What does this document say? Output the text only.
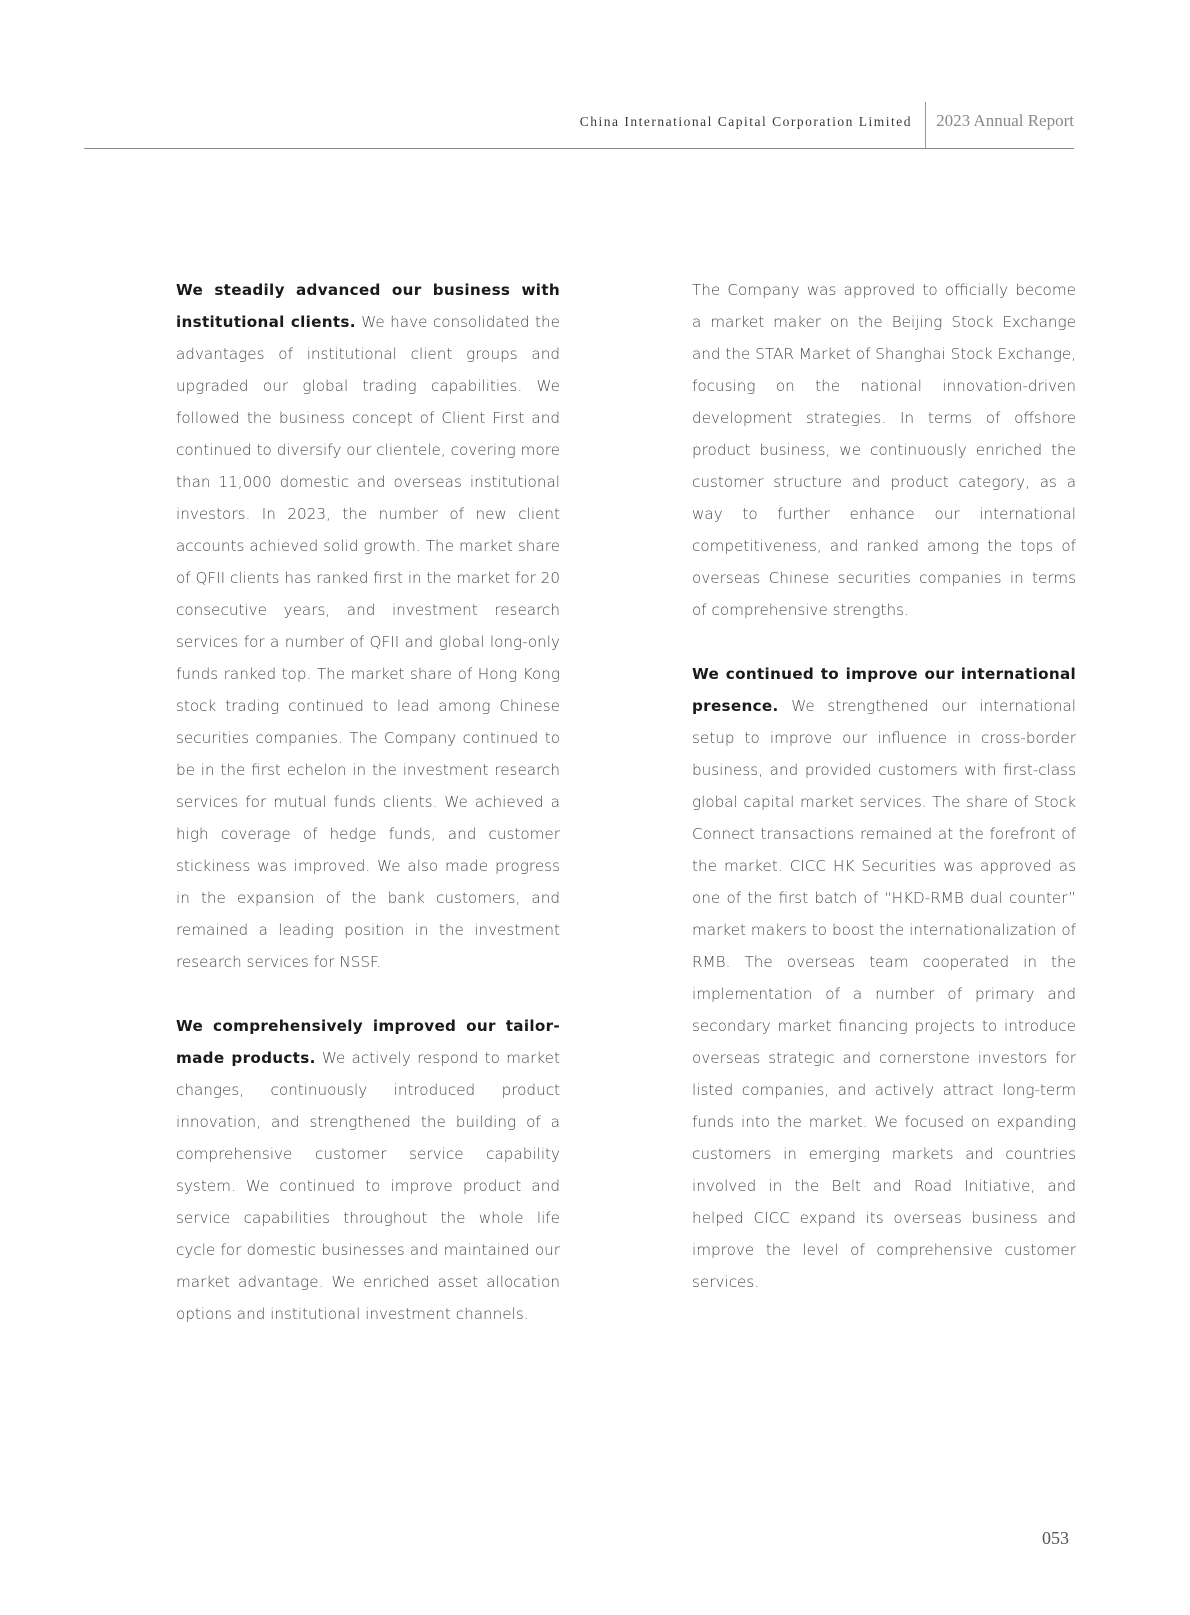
China International Capital Corporation Limited 2023 Annual Report

We steadily advanced our business with institutional clients. We have consolidated the advantages of institutional client groups and upgraded our global trading capabilities. We followed the business concept of Client First and continued to diversify our clientele, covering more than 11,000 domestic and overseas institutional investors. In 2023, the number of new client accounts achieved solid growth. The market share of QFII clients has ranked first in the market for 20 consecutive years, and investment research services for a number of QFII and global long-only funds ranked top. The market share of Hong Kong stock trading continued to lead among Chinese securities companies. The Company continued to be in the first echelon in the investment research services for mutual funds clients. We achieved a high coverage of hedge funds, and customer stickiness was improved. We also made progress in the expansion of the bank customers, and remained a leading position in the investment research services for NSSF.

We comprehensively improved our tailor-made products. We actively respond to market changes, continuously introduced product innovation, and strengthened the building of a comprehensive customer service capability system. We continued to improve product and service capabilities throughout the whole life cycle for domestic businesses and maintained our market advantage. We enriched asset allocation options and institutional investment channels.

The Company was approved to officially become a market maker on the Beijing Stock Exchange and the STAR Market of Shanghai Stock Exchange, focusing on the national innovation-driven development strategies. In terms of offshore product business, we continuously enriched the customer structure and product category, as a way to further enhance our international competitiveness, and ranked among the tops of overseas Chinese securities companies in terms of comprehensive strengths.

We continued to improve our international presence. We strengthened our international setup to improve our influence in cross-border business, and provided customers with first-class global capital market services. The share of Stock Connect transactions remained at the forefront of the market. CICC HK Securities was approved as one of the first batch of “HKD-RMB dual counter” market makers to boost the internationalization of RMB. The overseas team cooperated in the implementation of a number of primary and secondary market financing projects to introduce overseas strategic and cornerstone investors for listed companies, and actively attract long-term funds into the market. We focused on expanding customers in emerging markets and countries involved in the Belt and Road Initiative, and helped CICC expand its overseas business and improve the level of comprehensive customer services.

053
